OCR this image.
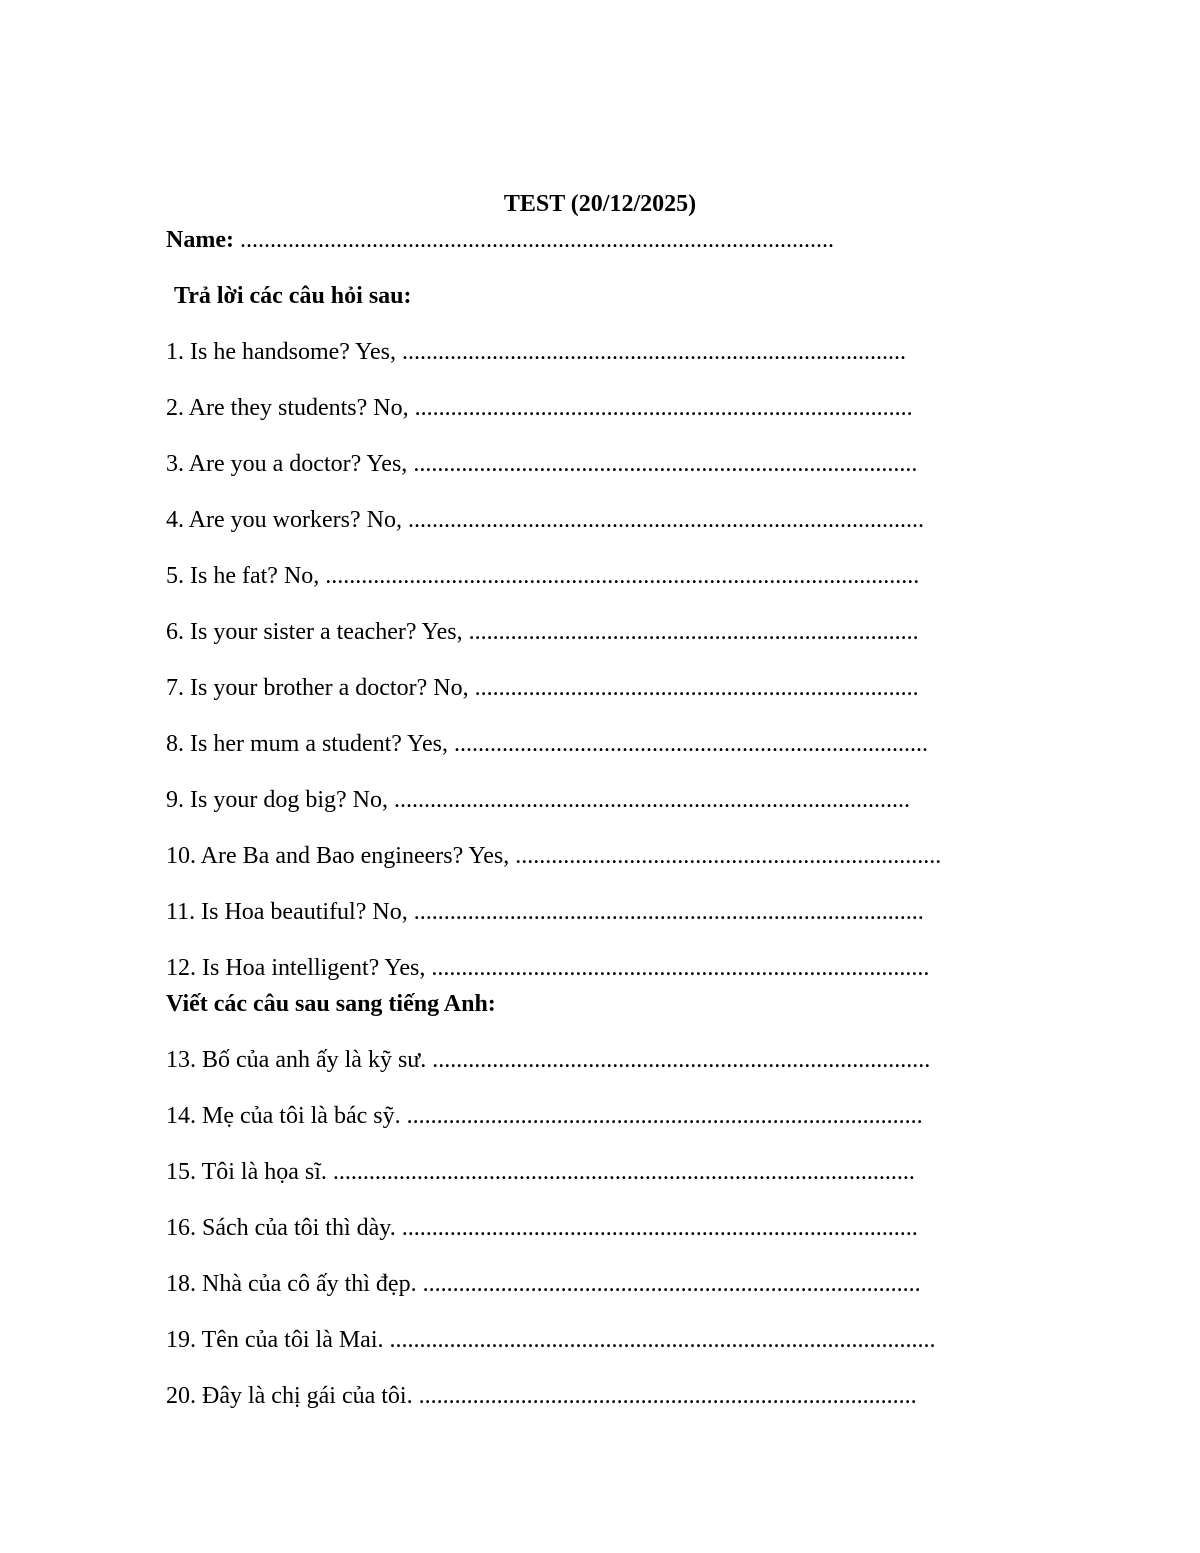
TEST (20/12/2025)
Name: ...................................................................................................
Trả lời các câu hỏi sau:
1. Is he handsome? Yes, ....................................................................................
2. Are they students? No, ...................................................................................
3. Are you a doctor? Yes, ....................................................................................
4. Are you workers? No, ......................................................................................
5. Is he fat? No, ...................................................................................................
6. Is your sister a teacher? Yes, ...........................................................................
7. Is your brother a doctor? No, ..........................................................................
8. Is her mum a student? Yes, ...............................................................................
9. Is your dog big? No, ......................................................................................
10. Are Ba and Bao engineers? Yes, .......................................................................
11. Is Hoa beautiful? No, .....................................................................................
12. Is Hoa intelligent? Yes, ...................................................................................
Viết các câu sau sang tiếng Anh:
13. Bố của anh ấy là kỹ sư. ...................................................................................
14. Mẹ của tôi là bác sỹ. ......................................................................................
15. Tôi là họa sĩ. .................................................................................................
16. Sách của tôi thì dày. ......................................................................................
18. Nhà của cô ấy thì đẹp. ...................................................................................
19. Tên của tôi là Mai. ...........................................................................................
20. Đây là chị gái của tôi. ...................................................................................
